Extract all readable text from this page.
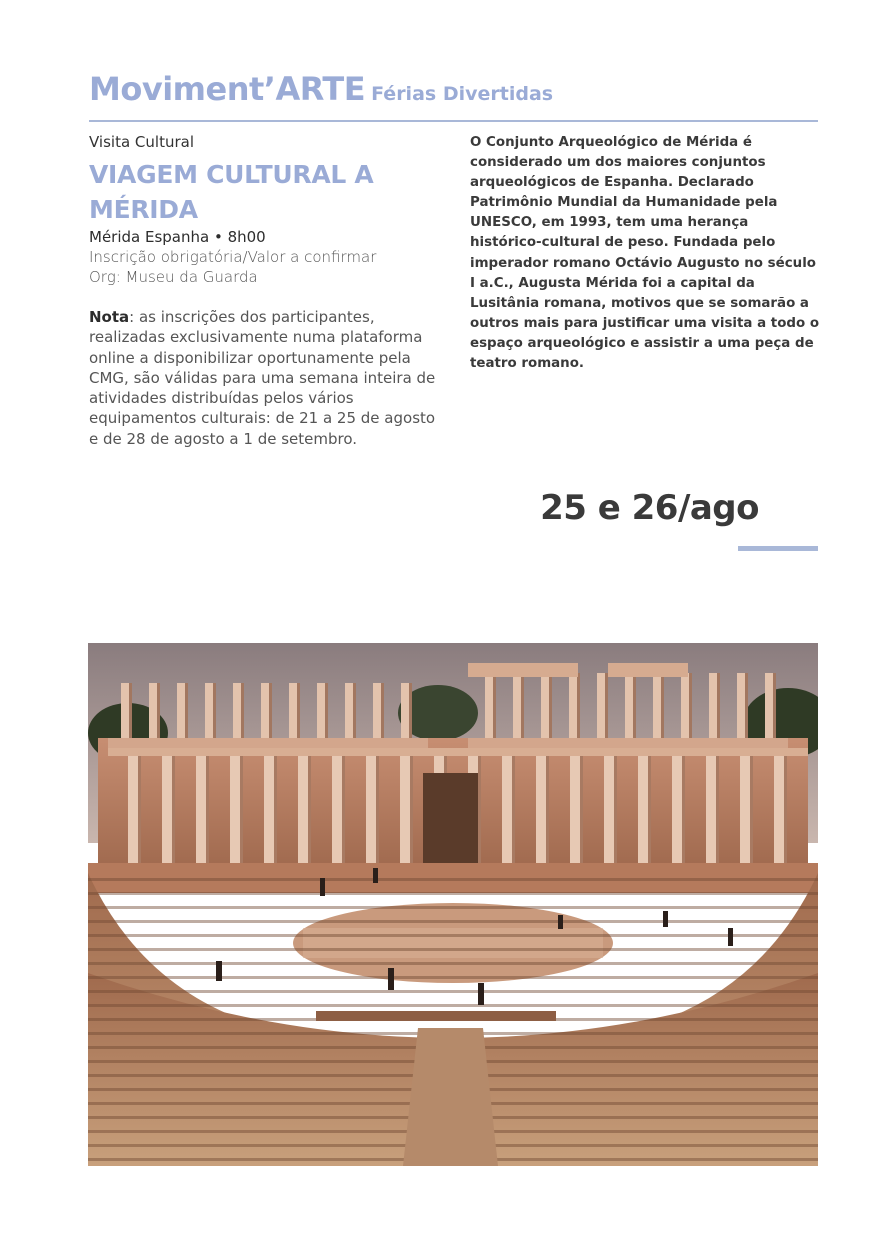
Moviment’ARTE Férias Divertidas

Visita Cultural

VIAGEM CULTURAL A
MÉRIDA

Mérida Espanha • 8h00

Inscrição obrigatória/Valor a confirmar

Org: Museu da Guarda

Nota: as inscrições dos participantes, realizadas exclusivamente numa plataforma online a disponibilizar oportunamente pela CMG, são válidas para uma semana inteira de atividades distribuídas pelos vários equipamentos culturais: de 21 a 25 de agosto e de 28 de agosto a 1 de setembro.

O Conjunto Arqueológico de Mérida é considerado um dos maiores conjuntos arqueológicos de Espanha. Declarado Patrimônio Mundial da Humanidade pela UNESCO, em 1993, tem uma herança histórico-cultural de peso. Fundada pelo imperador romano Octávio Augusto no século I a.C., Augusta Mérida foi a capital da Lusitânia romana, motivos que se somarão a outros mais para justificar uma visita a todo o espaço arqueológico e assistir a uma peça de teatro romano.
25 e 26/ago
